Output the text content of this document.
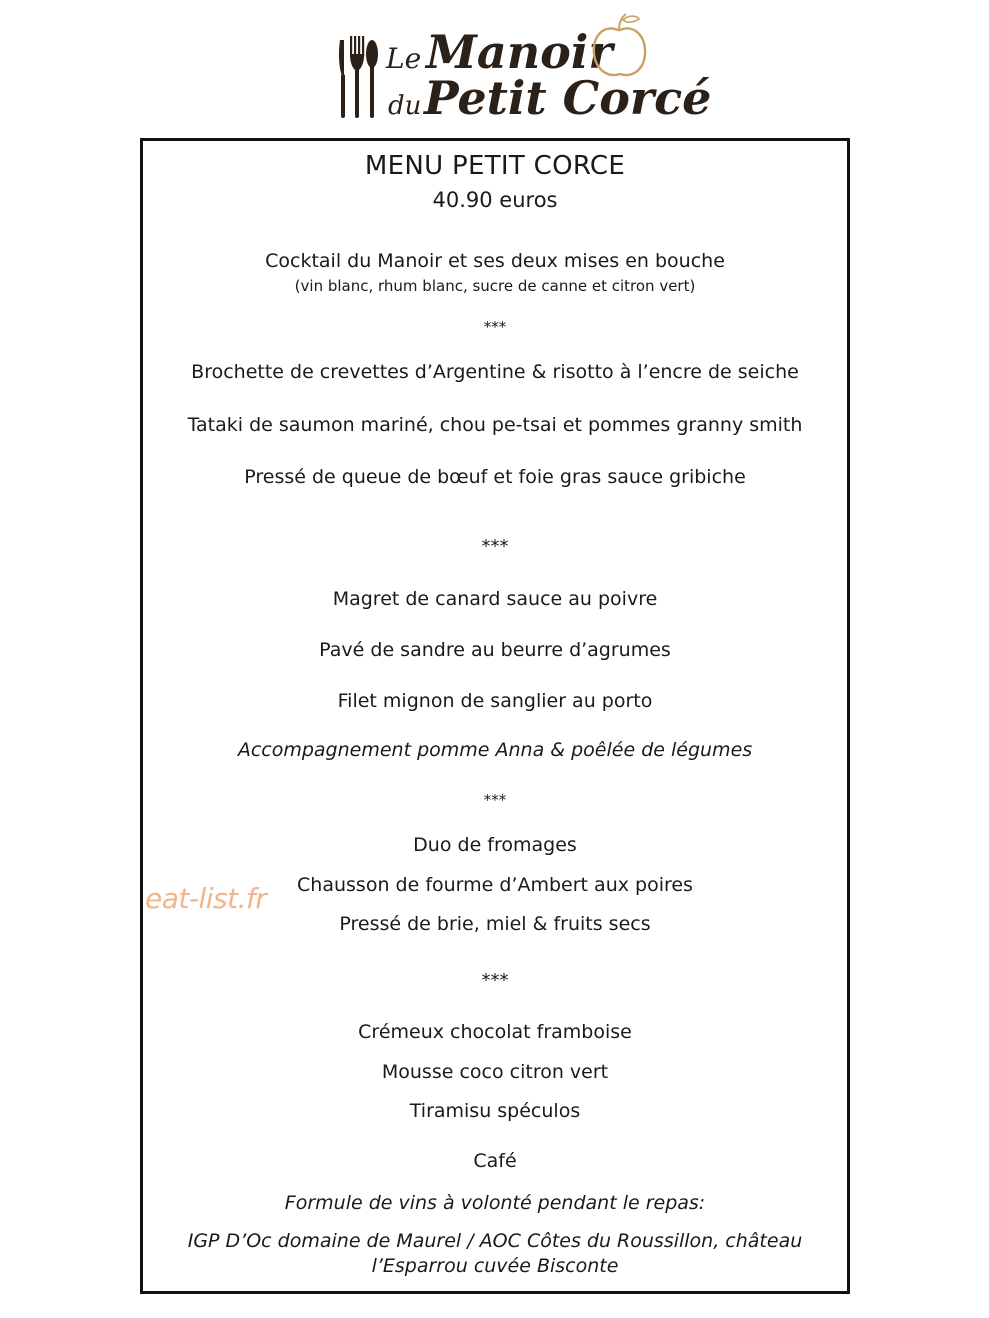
Le Manoir
du Petit Corcé
MENU PETIT CORCE
40.90 euros
Cocktail du Manoir et ses deux mises en bouche
(vin blanc, rhum blanc, sucre de canne et citron vert)
***
Brochette de crevettes d’Argentine & risotto à l’encre de seiche
Tataki de saumon mariné, chou pe-tsai et pommes granny smith
Pressé de queue de bœuf et foie gras sauce gribiche
***
Magret de canard sauce au poivre
Pavé de sandre au beurre d’agrumes
Filet mignon de sanglier au porto
Accompagnement pomme Anna & poêlée de légumes
***
Duo de fromages
Chausson de fourme d’Ambert aux poires
Pressé de brie, miel & fruits secs
***
Crémeux chocolat framboise
Mousse coco citron vert
Tiramisu spéculos
Café
Formule de vins à volonté pendant le repas:
IGP D’Oc domaine de Maurel / AOC Côtes du Roussillon, château l’Esparrou cuvée Bisconte
eat-list.fr
